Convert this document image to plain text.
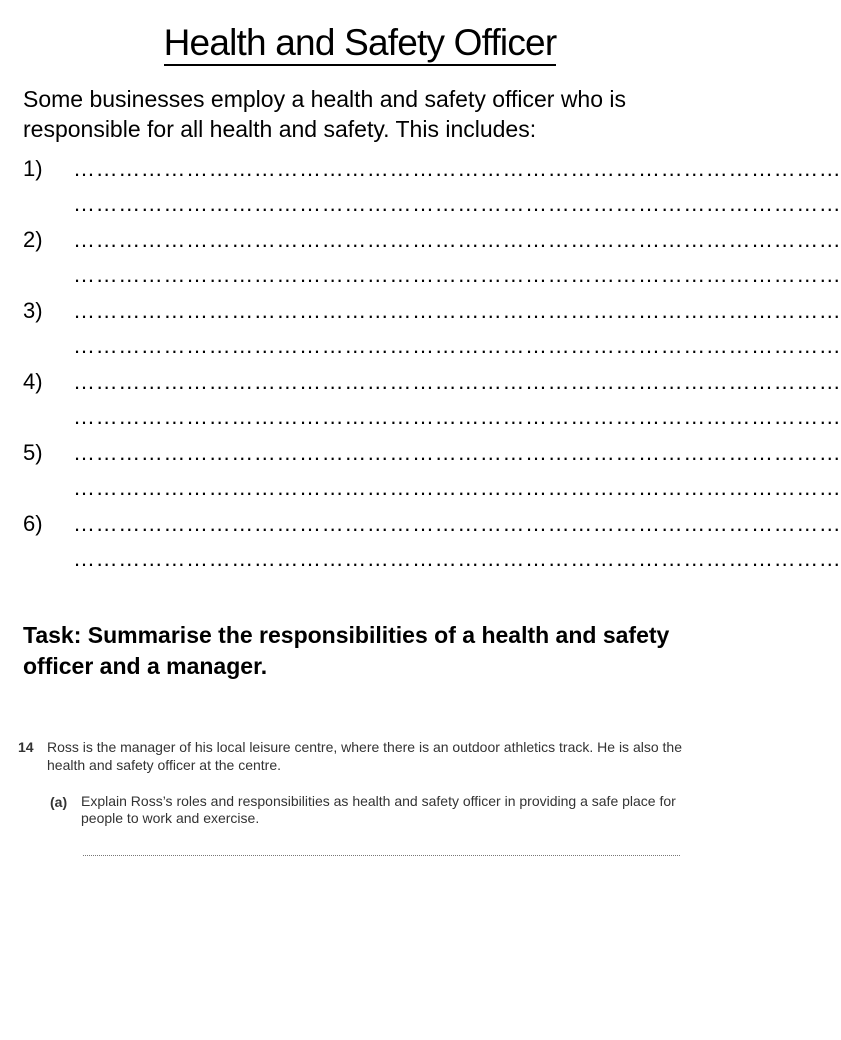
Health and Safety Officer

Some businesses employ a health and safety officer who is responsible for all health and safety. This includes:

1) …………………………………………………………………………………………
…………………………………………………………………………………………
2) …………………………………………………………………………………………
…………………………………………………………………………………………
3) …………………………………………………………………………………………
…………………………………………………………………………………………
4) …………………………………………………………………………………………
…………………………………………………………………………………………
5) …………………………………………………………………………………………
…………………………………………………………………………………………
6) …………………………………………………………………………………………
…………………………………………………………………………………………

Task: Summarise the responsibilities of a health and safety officer and a manager.

14 Ross is the manager of his local leisure centre, where there is an outdoor athletics track. He is also the health and safety officer at the centre.
(a) Explain Ross’s roles and responsibilities as health and safety officer in providing a safe place for people to work and exercise.
